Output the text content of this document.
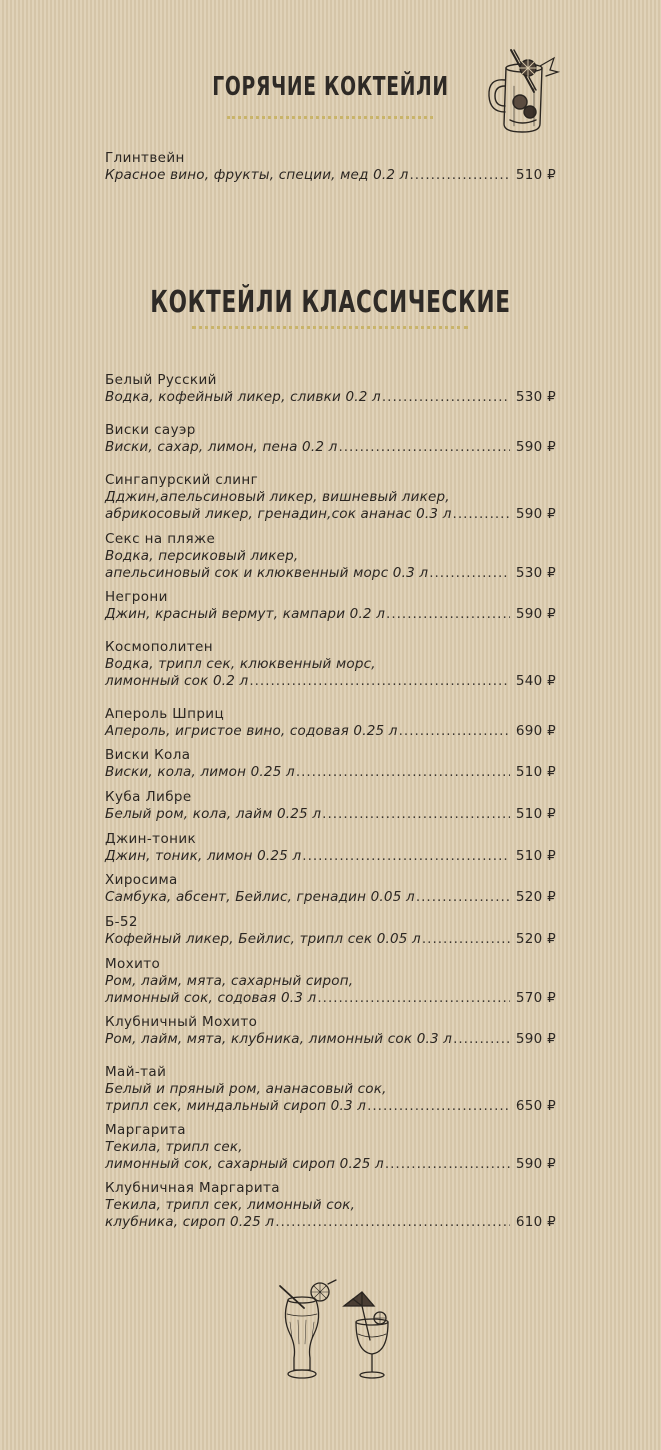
ГОРЯЧИЕ КОКТЕЙЛИ
Глинтвейн
Красное вино, фрукты, специи, мед 0.2 л .....	510 ₽
КОКТЕЙЛИ КЛАССИЧЕСКИЕ
Белый Русский
Водка, кофейный ликер, сливки 0.2 л .....	530 ₽
Виски сауэр
Виски, сахар, лимон, пена 0.2 л .....	590 ₽
Сингапурский слинг
Дджин,апельсиновый ликер, вишневый ликер,
абрикосовый ликер, гренадин,сок ананас 0.3 л .....	590 ₽
Секс на пляже
Водка, персиковый ликер,
апельсиновый сок и клюквенный морс 0.3 л .....	530 ₽
Негрони
Джин, красный вермут, кампари 0.2 л .....	590 ₽
Космополитен
Водка, трипл сек, клюквенный морс,
лимонный сок 0.2 л .....	540 ₽
Апероль Шприц
Апероль, игристое вино, содовая 0.25 л .....	690 ₽
Виски Кола
Виски, кола, лимон 0.25 л .....	510 ₽
Куба Либре
Белый ром, кола, лайм 0.25 л .....	510 ₽
Джин-тоник
Джин, тоник, лимон 0.25 л .....	510 ₽
Хиросима
Самбука, абсент, Бейлис, гренадин 0.05 л .....	520 ₽
Б-52
Кофейный ликер, Бейлис, трипл сек 0.05 л .....	520 ₽
Мохито
Ром, лайм, мята, сахарный сироп,
лимонный сок, содовая 0.3 л .....	570 ₽
Клубничный Мохито
Ром, лайм, мята, клубника, лимонный сок 0.3 л .....	590 ₽
Май-тай
Белый и пряный ром, ананасовый сок,
трипл сек, миндальный сироп 0.3 л .....	650 ₽
Маргарита
Текила, трипл сек,
лимонный сок, сахарный сироп 0.25 л .....	590 ₽
Клубничная Маргарита
Текила, трипл сек, лимонный сок,
клубника, сироп 0.25 л .....	610 ₽
